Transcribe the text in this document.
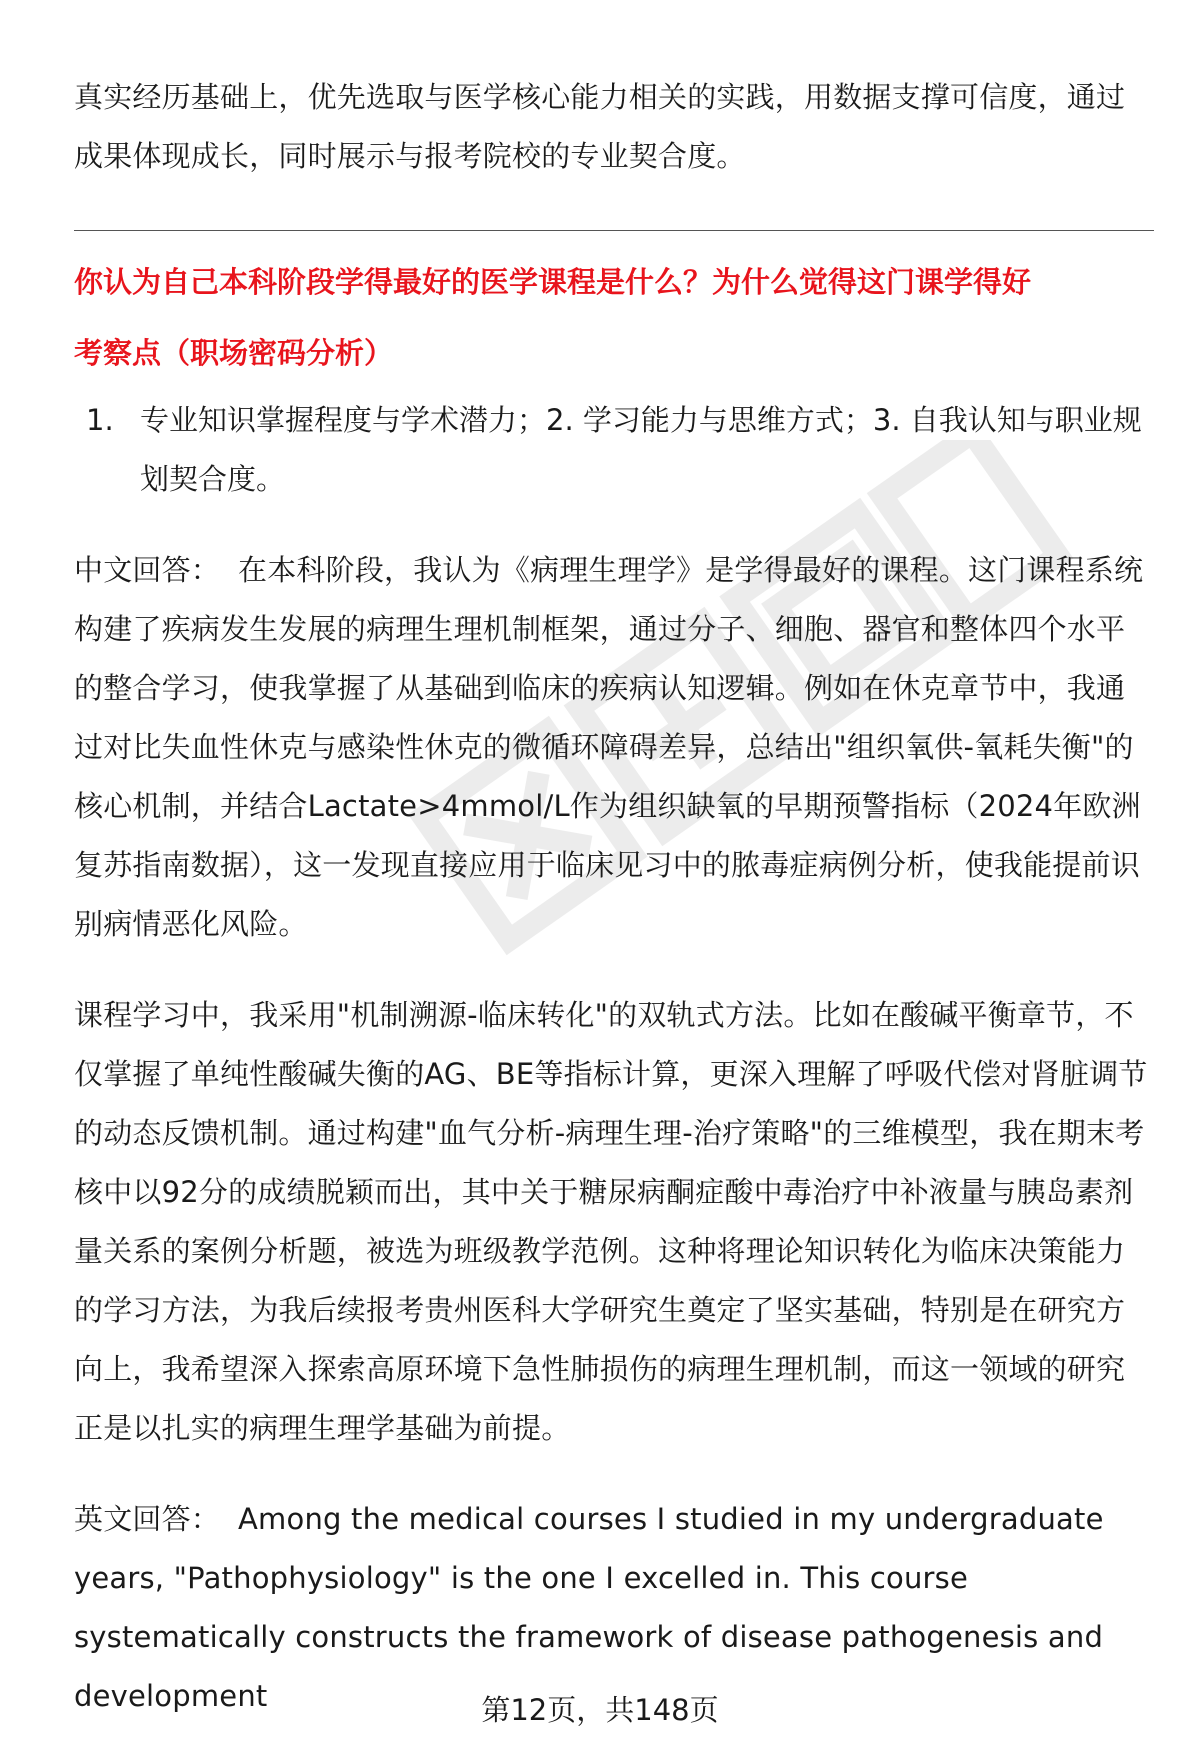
真实经历基础上，优先选取与医学核心能力相关的实践，用数据支撑可信度，通过成果体现成长，同时展示与报考院校的专业契合度。

你认为自己本科阶段学得最好的医学课程是什么？为什么觉得这门课学得好
考察点（职场密码分析）
1. 专业知识掌握程度与学术潜力；2. 学习能力与思维方式；3. 自我认知与职业规划契合度。

中文回答： 在本科阶段，我认为《病理生理学》是学得最好的课程。这门课程系统构建了疾病发生发展的病理生理机制框架，通过分子、细胞、器官和整体四个水平的整合学习，使我掌握了从基础到临床的疾病认知逻辑。例如在休克章节中，我通过对比失血性休克与感染性休克的微循环障碍差异，总结出"组织氧供-氧耗失衡"的核心机制，并结合Lactate>4mmol/L作为组织缺氧的早期预警指标（2024年欧洲复苏指南数据），这一发现直接应用于临床见习中的脓毒症病例分析，使我能提前识别病情恶化风险。

课程学习中，我采用"机制溯源-临床转化"的双轨式方法。比如在酸碱平衡章节，不仅掌握了单纯性酸碱失衡的AG、BE等指标计算，更深入理解了呼吸代偿对肾脏调节的动态反馈机制。通过构建"血气分析-病理生理-治疗策略"的三维模型，我在期末考核中以92分的成绩脱颖而出，其中关于糖尿病酮症酸中毒治疗中补液量与胰岛素剂量关系的案例分析题，被选为班级教学范例。这种将理论知识转化为临床决策能力的学习方法，为我后续报考贵州医科大学研究生奠定了坚实基础，特别是在研究方向上，我希望深入探索高原环境下急性肺损伤的病理生理机制，而这一领域的研究正是以扎实的病理生理学基础为前提。

英文回答： Among the medical courses I studied in my undergraduate years, "Pathophysiology" is the one I excelled in. This course systematically constructs the framework of disease pathogenesis and development	第12页，共148页
